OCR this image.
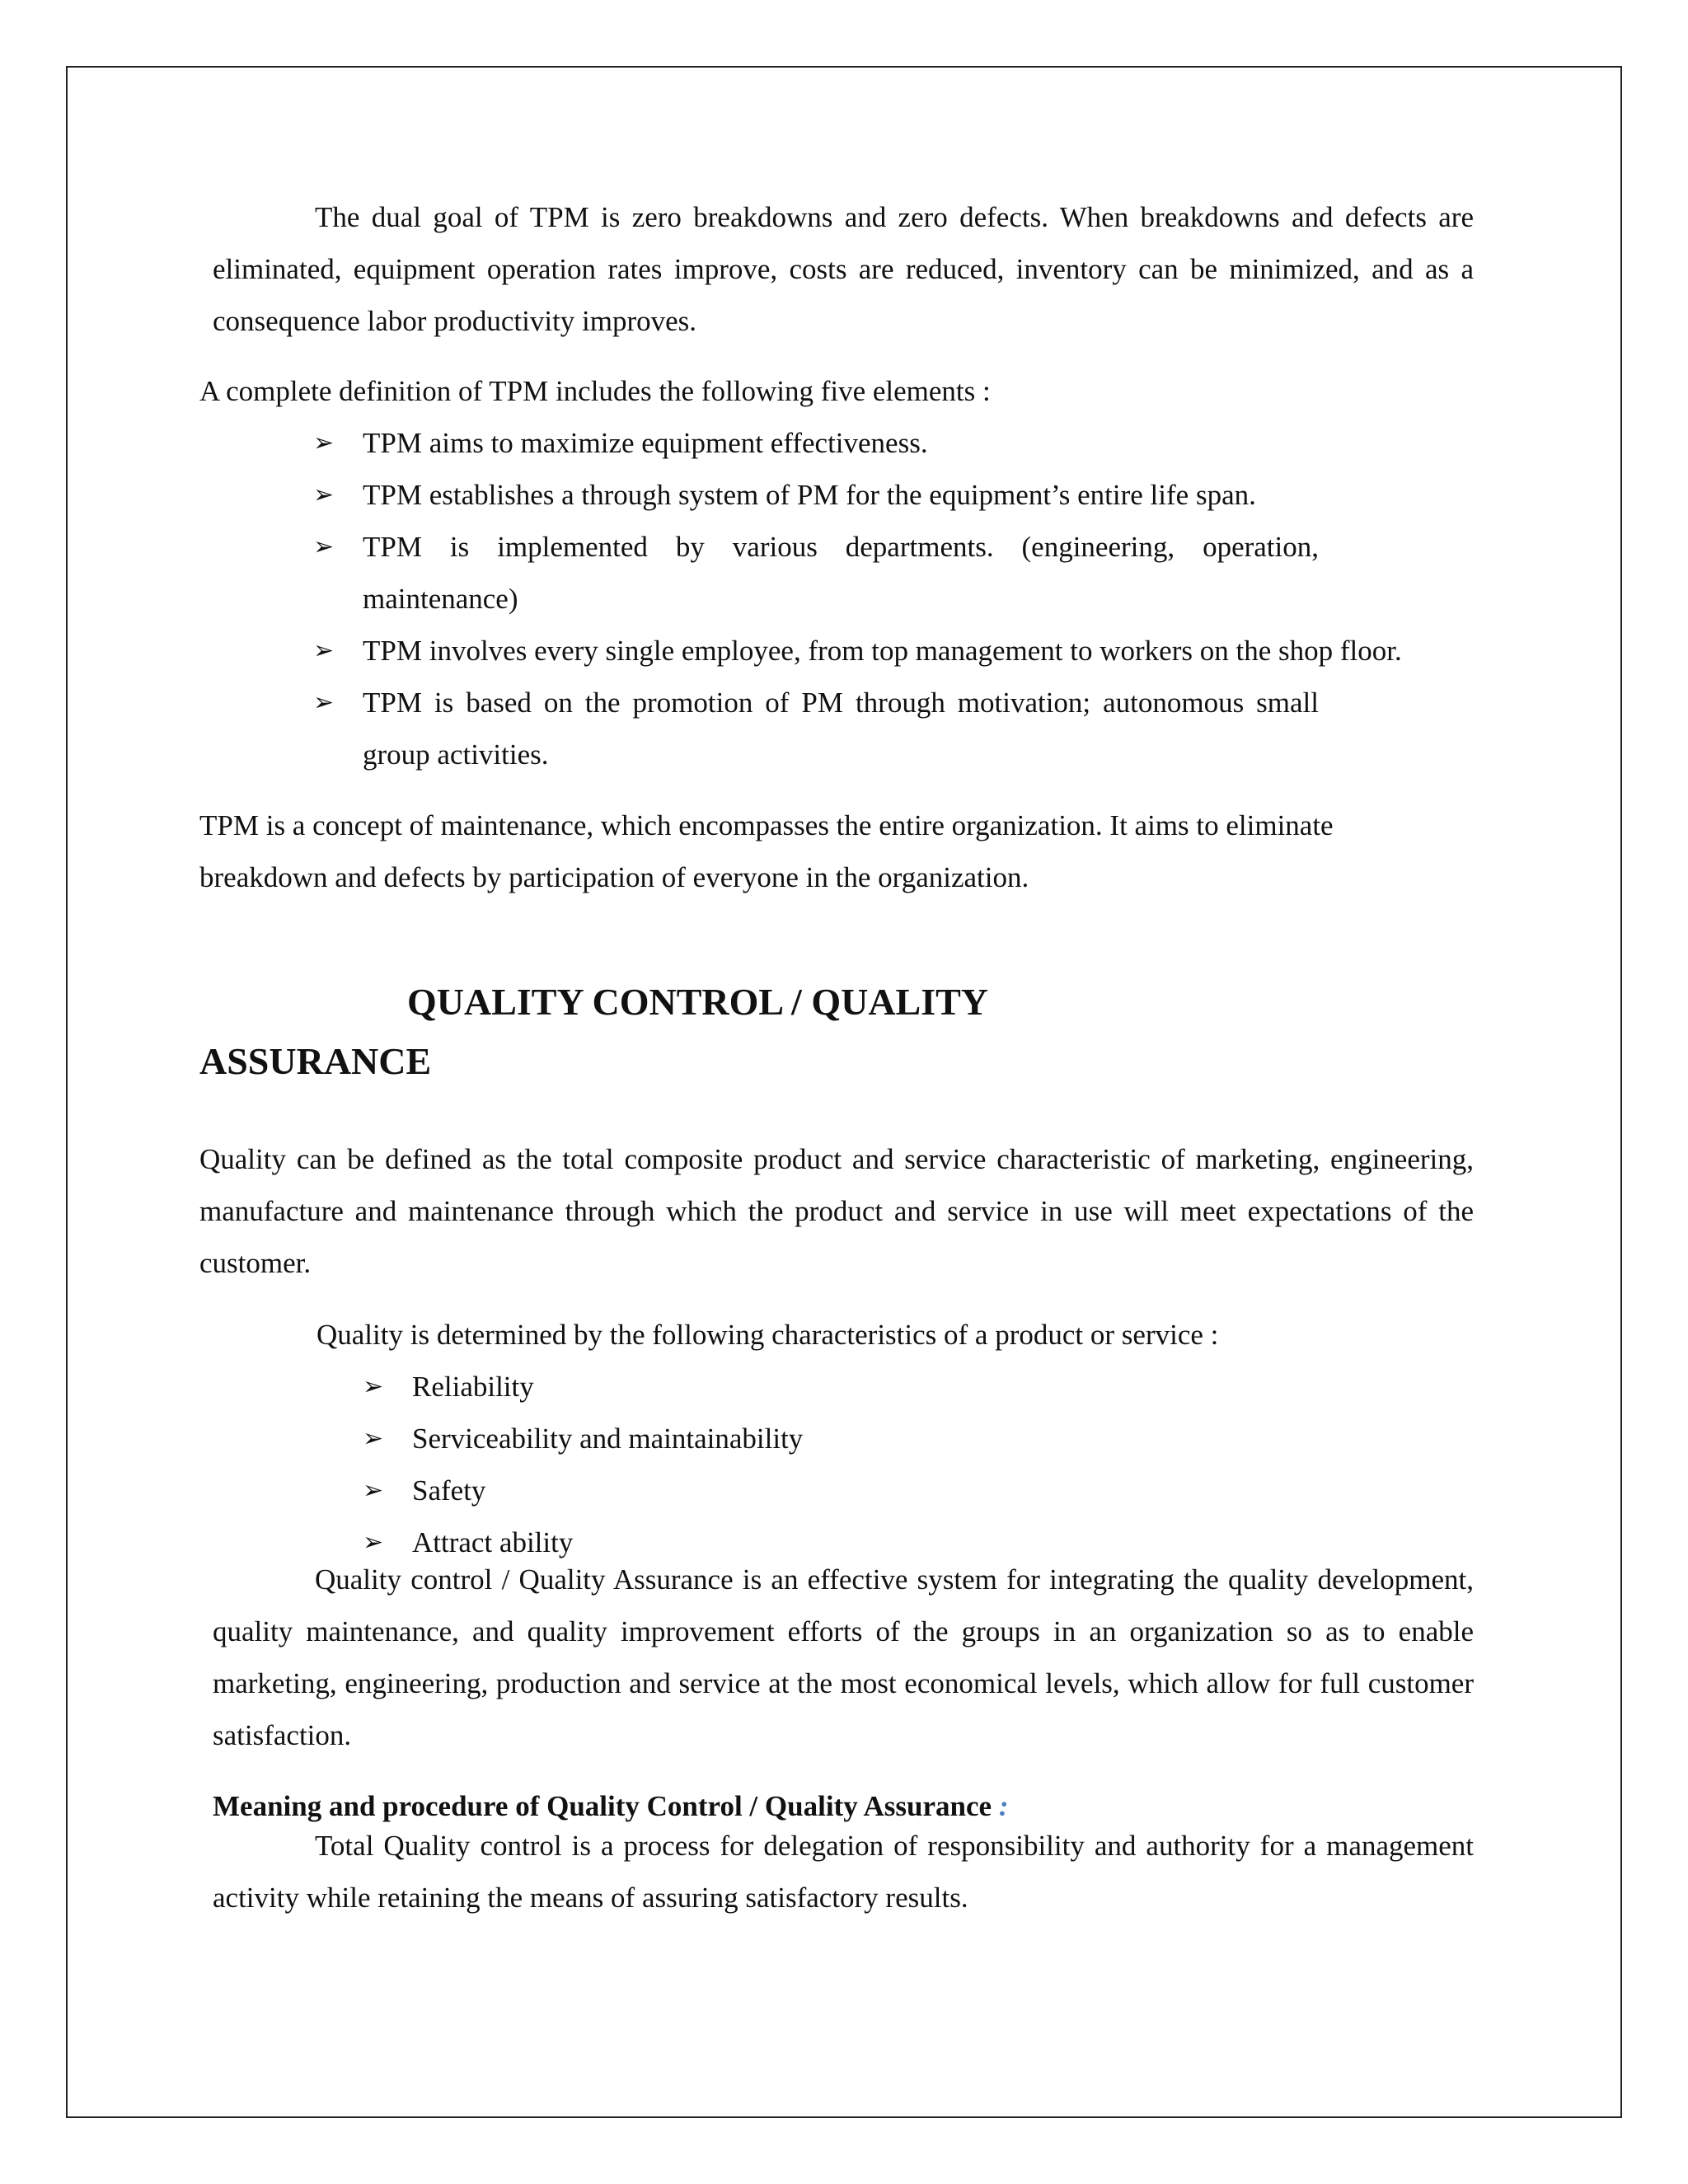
The dual goal of TPM is zero breakdowns and zero defects. When breakdowns and defects are eliminated, equipment operation rates improve, costs are reduced, inventory can be minimized, and as a consequence labor productivity improves.

A complete definition of TPM includes the following five elements :

➢ TPM aims to maximize equipment effectiveness.
➢ TPM establishes a through system of PM for the equipment’s entire life span.
➢ TPM is implemented by various departments. (engineering, operation, maintenance)
➢ TPM involves every single employee, from top management to workers on the shop floor.
➢ TPM is based on the promotion of PM through motivation; autonomous small group activities.

TPM is a concept of maintenance, which encompasses the entire organization. It aims to eliminate breakdown and defects by participation of everyone in the organization.

QUALITY CONTROL / QUALITY
ASSURANCE

Quality can be defined as the total composite product and service characteristic of marketing, engineering, manufacture and maintenance through which the product and service in use will meet expectations of the customer.

Quality is determined by the following characteristics of a product or service :

➢ Reliability
➢ Serviceability and maintainability
➢ Safety
➢ Attract ability

Quality control / Quality Assurance is an effective system for integrating the quality development, quality maintenance, and quality improvement efforts of the groups in an organization so as to enable marketing, engineering, production and service at the most economical levels, which allow for full customer satisfaction.

Meaning and procedure of Quality Control / Quality Assurance :

Total Quality control is a process for delegation of responsibility and authority for a management activity while retaining the means of assuring satisfactory results.
